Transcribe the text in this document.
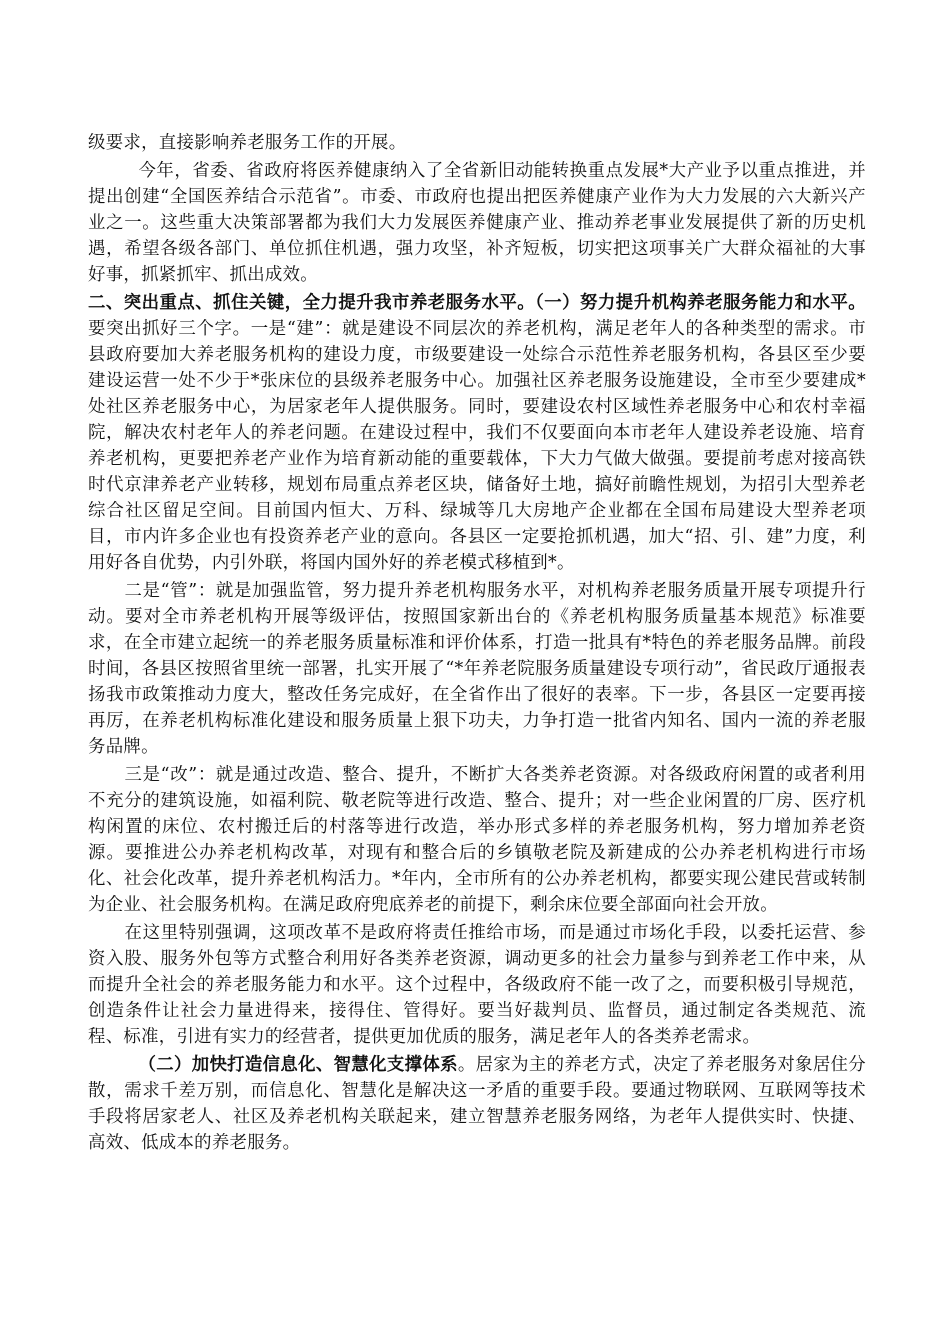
级要求，直接影响养老服务工作的开展。

今年，省委、省政府将医养健康纳入了全省新旧动能转换重点发展*大产业予以重点推进，并提出创建“全国医养结合示范省”。市委、市政府也提出把医养健康产业作为大力发展的六大新兴产业之一。这些重大决策部署都为我们大力发展医养健康产业、推动养老事业发展提供了新的历史机遇，希望各级各部门、单位抓住机遇，强力攻坚，补齐短板，切实把这项事关广大群众福祉的大事好事，抓紧抓牢、抓出成效。

二、突出重点、抓住关键，全力提升我市养老服务水平。（一）努力提升机构养老服务能力和水平。要突出抓好三个字。一是“建”：就是建设不同层次的养老机构，满足老年人的各种类型的需求。市县政府要加大养老服务机构的建设力度，市级要建设一处综合示范性养老服务机构，各县区至少要建设运营一处不少于*张床位的县级养老服务中心。加强社区养老服务设施建设，全市至少要建成*处社区养老服务中心，为居家老年人提供服务。同时，要建设农村区域性养老服务中心和农村幸福院，解决农村老年人的养老问题。在建设过程中，我们不仅要面向本市老年人建设养老设施、培育养老机构，更要把养老产业作为培育新动能的重要载体，下大力气做大做强。要提前考虑对接高铁时代京津养老产业转移，规划布局重点养老区块，储备好土地，搞好前瞻性规划，为招引大型养老综合社区留足空间。目前国内恒大、万科、绿城等几大房地产企业都在全国布局建设大型养老项目，市内许多企业也有投资养老产业的意向。各县区一定要抢抓机遇，加大“招、引、建”力度，利用好各自优势，内引外联，将国内国外好的养老模式移植到*。

二是“管”：就是加强监管，努力提升养老机构服务水平，对机构养老服务质量开展专项提升行动。要对全市养老机构开展等级评估，按照国家新出台的《养老机构服务质量基本规范》标准要求，在全市建立起统一的养老服务质量标准和评价体系，打造一批具有*特色的养老服务品牌。前段时间，各县区按照省里统一部署，扎实开展了“*年养老院服务质量建设专项行动”，省民政厅通报表扬我市政策推动力度大，整改任务完成好，在全省作出了很好的表率。下一步，各县区一定要再接再厉，在养老机构标准化建设和服务质量上狠下功夫，力争打造一批省内知名、国内一流的养老服务品牌。

三是“改”：就是通过改造、整合、提升，不断扩大各类养老资源。对各级政府闲置的或者利用不充分的建筑设施，如福利院、敬老院等进行改造、整合、提升；对一些企业闲置的厂房、医疗机构闲置的床位、农村搬迁后的村落等进行改造，举办形式多样的养老服务机构，努力增加养老资源。要推进公办养老机构改革，对现有和整合后的乡镇敬老院及新建成的公办养老机构进行市场化、社会化改革，提升养老机构活力。*年内，全市所有的公办养老机构，都要实现公建民营或转制为企业、社会服务机构。在满足政府兜底养老的前提下，剩余床位要全部面向社会开放。

在这里特别强调，这项改革不是政府将责任推给市场，而是通过市场化手段，以委托运营、参资入股、服务外包等方式整合利用好各类养老资源，调动更多的社会力量参与到养老工作中来，从而提升全社会的养老服务能力和水平。这个过程中，各级政府不能一改了之，而要积极引导规范，创造条件让社会力量进得来，接得住、管得好。要当好裁判员、监督员，通过制定各类规范、流程、标准，引进有实力的经营者，提供更加优质的服务，满足老年人的各类养老需求。

（二）加快打造信息化、智慧化支撑体系。居家为主的养老方式，决定了养老服务对象居住分散，需求千差万别，而信息化、智慧化是解决这一矛盾的重要手段。要通过物联网、互联网等技术手段将居家老人、社区及养老机构关联起来，建立智慧养老服务网络，为老年人提供实时、快捷、高效、低成本的养老服务。
